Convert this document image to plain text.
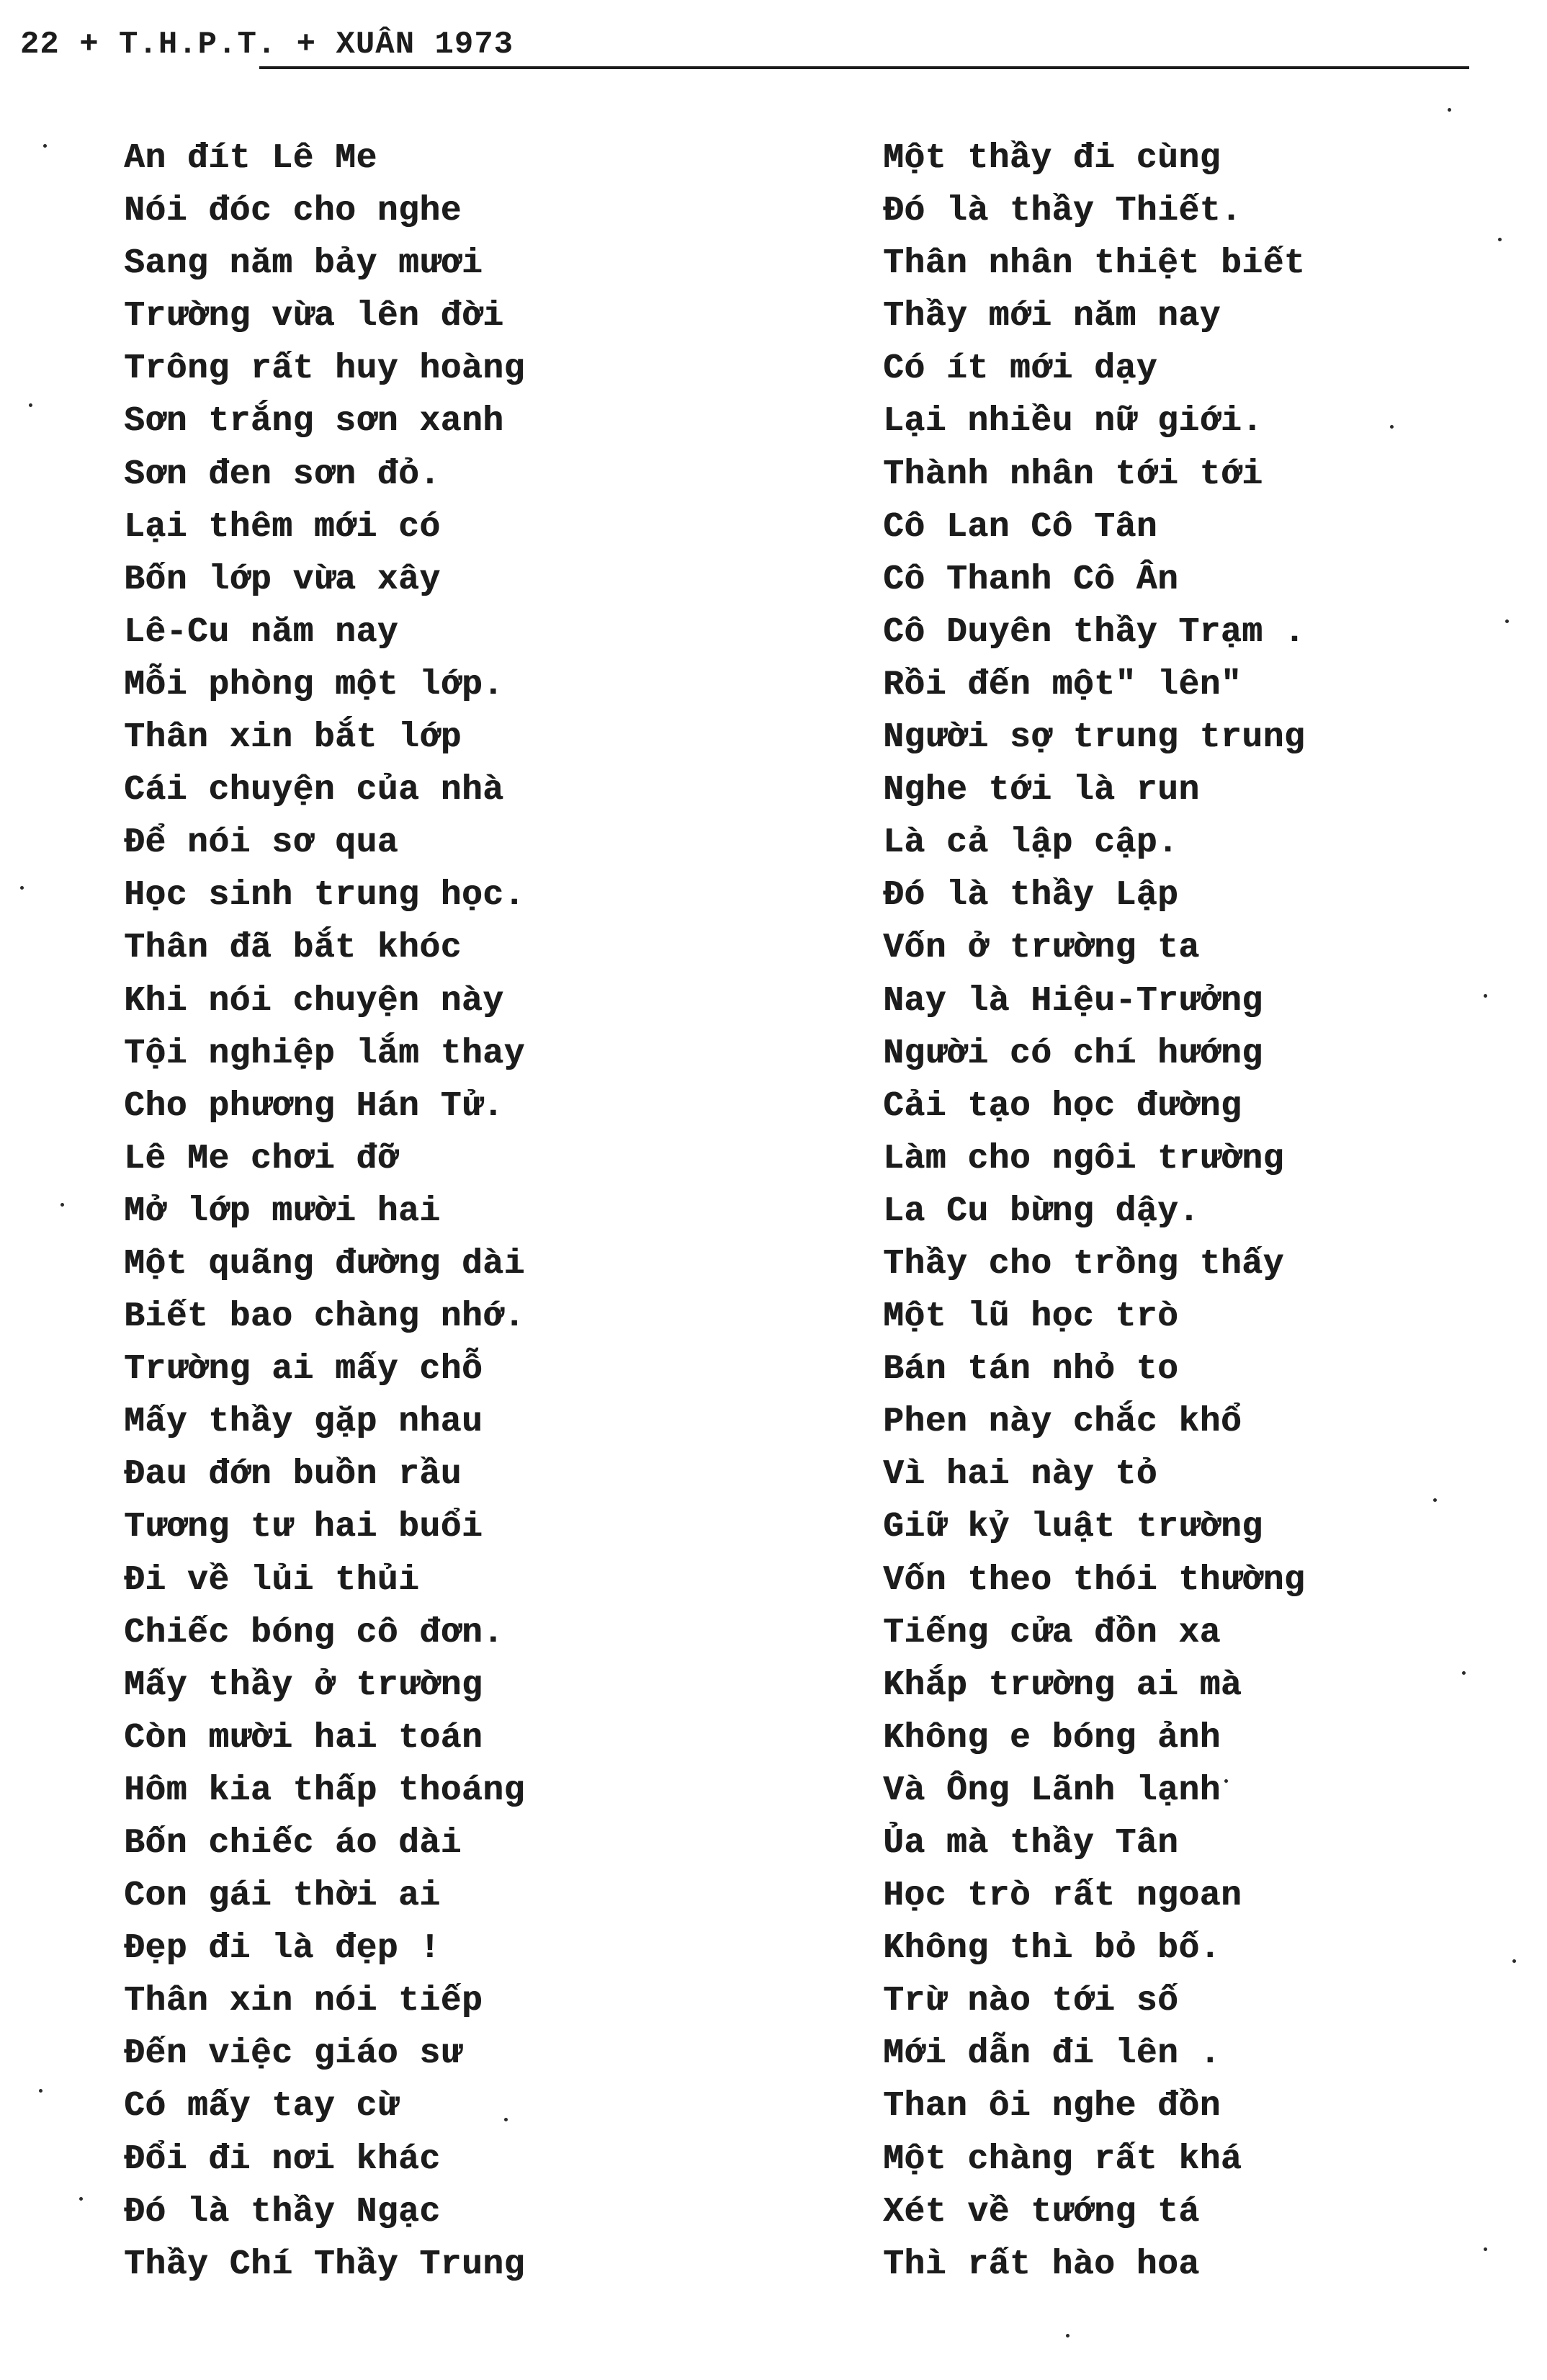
22 + T.H.P.T. + XUÂN 1973
An đít Lê Me
Nói đóc cho nghe
Sang năm bảy mươi
Trường vừa lên đời
Trông rất huy hoàng
Sơn trắng sơn xanh
Sơn đen sơn đỏ.
Lại thêm mới có
Bốn lớp vừa xây
Lê-Cu năm nay
Mỗi phòng một lớp.
Thân xin bắt lớp
Cái chuyện của nhà
Để nói sơ qua
Học sinh trung học.
Thân đã bắt khóc
Khi nói chuyện này
Tội nghiệp lắm thay
Cho phương Hán Tử.
Lê Me chơi đỡ
Mở lớp mười hai
Một quãng đường dài
Biết bao chàng nhớ.
Trường ai mấy chỗ
Mấy thầy gặp nhau
Đau đớn buồn rầu
Tương tư hai buổi
Đi về lủi thủi
Chiếc bóng cô đơn.
Mấy thầy ở trường
Còn mười hai toán
Hôm kia thấp thoáng
Bốn chiếc áo dài
Con gái thời ai
Đẹp đi là đẹp !
Thân xin nói tiếp
Đến việc giáo sư
Có mấy tay cừ
Đổi đi nơi khác
Đó là thầy Ngạc
Thầy Chí Thầy Trung
Một thầy đi cùng
Đó là thầy Thiết.
Thân nhân thiệt biết
Thầy mới năm nay
Có ít mới dạy
Lại nhiều nữ giới.
Thành nhân tới tới
Cô Lan Cô Tân
Cô Thanh Cô Ân
Cô Duyên thầy Trạm .
Rồi đến một" lên"
Người sợ trung trung
Nghe tới là run
Là cả lập cập.
Đó là thầy Lập
Vốn ở trường ta
Nay là Hiệu-Trưởng
Người có chí hướng
Cải tạo học đường
Làm cho ngôi trường
La Cu bừng dậy.
Thầy cho trồng thấy
Một lũ học trò
Bán tán nhỏ to
Phen này chắc khổ
Vì hai này tỏ
Giữ kỷ luật trường
Vốn theo thói thường
Tiếng cửa đồn xa
Khắp trường ai mà
Không e bóng ảnh
Và Ông Lãnh lạnh
Ủa mà thầy Tân
Học trò rất ngoan
Không thì bỏ bố.
Trừ nào tới số
Mới dẫn đi lên .
Than ôi nghe đồn
Một chàng rất khá
Xét về tướng tá
Thì rất hào hoa
